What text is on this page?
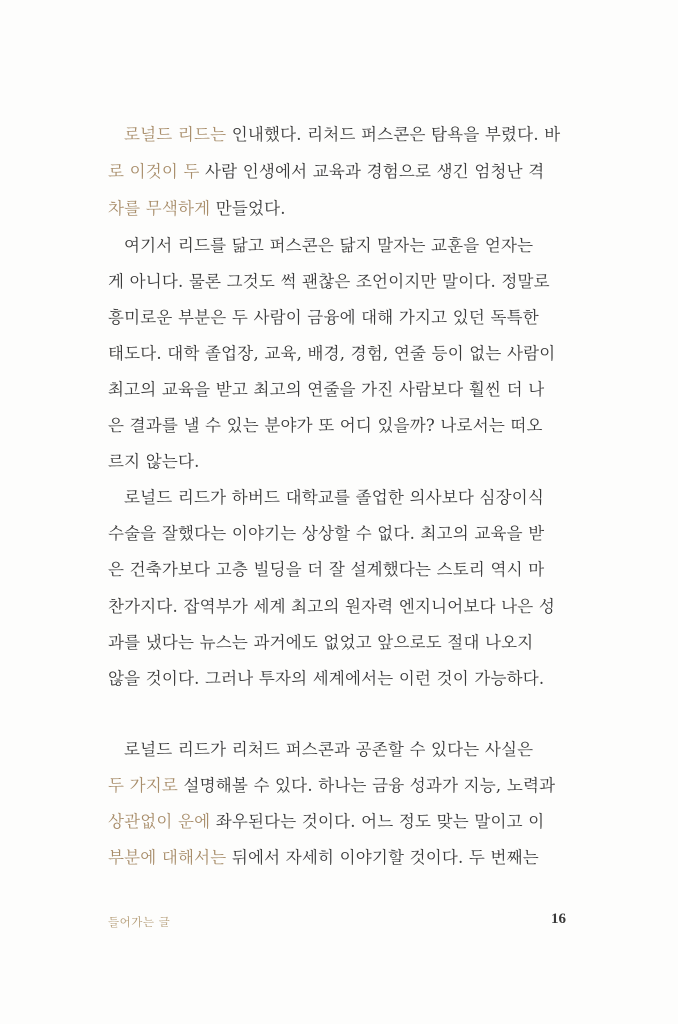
로널드 리드는 인내했다. 리처드 퍼스콘은 탐욕을 부렸다. 바
로 이것이 두 사람 인생에서 교육과 경험으로 생긴 엄청난 격
차를 무색하게 만들었다.
여기서 리드를 닮고 퍼스콘은 닮지 말자는 교훈을 얻자는
게 아니다. 물론 그것도 썩 괜찮은 조언이지만 말이다. 정말로
흥미로운 부분은 두 사람이 금융에 대해 가지고 있던 독특한
태도다. 대학 졸업장, 교육, 배경, 경험, 연줄 등이 없는 사람이
최고의 교육을 받고 최고의 연줄을 가진 사람보다 훨씬 더 나
은 결과를 낼 수 있는 분야가 또 어디 있을까? 나로서는 떠오
르지 않는다.
로널드 리드가 하버드 대학교를 졸업한 의사보다 심장이식
수술을 잘했다는 이야기는 상상할 수 없다. 최고의 교육을 받
은 건축가보다 고층 빌딩을 더 잘 설계했다는 스토리 역시 마
찬가지다. 잡역부가 세계 최고의 원자력 엔지니어보다 나은 성
과를 냈다는 뉴스는 과거에도 없었고 앞으로도 절대 나오지
않을 것이다. 그러나 투자의 세계에서는 이런 것이 가능하다.
로널드 리드가 리처드 퍼스콘과 공존할 수 있다는 사실은
두 가지로 설명해볼 수 있다. 하나는 금융 성과가 지능, 노력과
상관없이 운에 좌우된다는 것이다. 어느 정도 맞는 말이고 이
부분에 대해서는 뒤에서 자세히 이야기할 것이다. 두 번째는
들어가는 글	16
